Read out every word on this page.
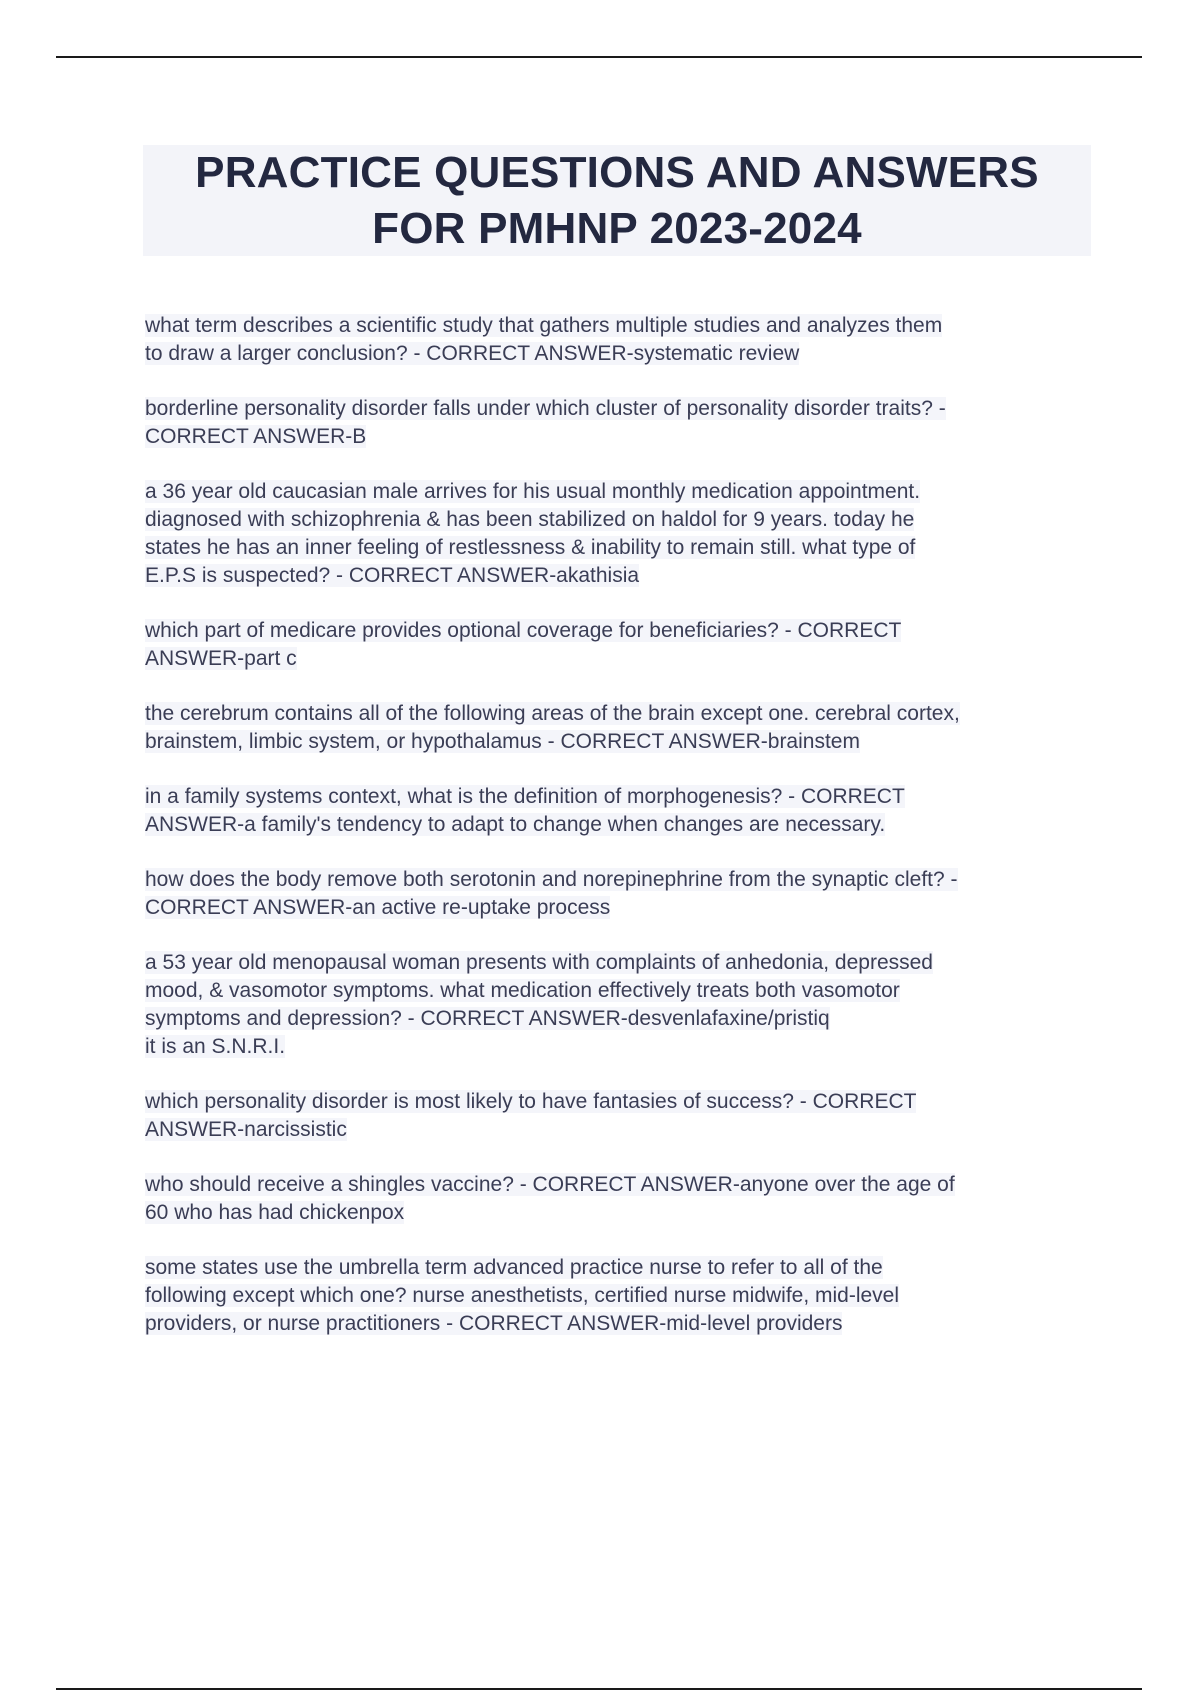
PRACTICE QUESTIONS AND ANSWERS
FOR PMHNP 2023-2024

what term describes a scientific study that gathers multiple studies and analyzes them
to draw a larger conclusion? - CORRECT ANSWER-systematic review

borderline personality disorder falls under which cluster of personality disorder traits? -
CORRECT ANSWER-B

a 36 year old caucasian male arrives for his usual monthly medication appointment.
diagnosed with schizophrenia & has been stabilized on haldol for 9 years. today he
states he has an inner feeling of restlessness & inability to remain still. what type of
E.P.S is suspected? - CORRECT ANSWER-akathisia

which part of medicare provides optional coverage for beneficiaries? - CORRECT
ANSWER-part c

the cerebrum contains all of the following areas of the brain except one. cerebral cortex,
brainstem, limbic system, or hypothalamus - CORRECT ANSWER-brainstem

in a family systems context, what is the definition of morphogenesis? - CORRECT
ANSWER-a family's tendency to adapt to change when changes are necessary.

how does the body remove both serotonin and norepinephrine from the synaptic cleft? -
CORRECT ANSWER-an active re-uptake process

a 53 year old menopausal woman presents with complaints of anhedonia, depressed
mood, & vasomotor symptoms. what medication effectively treats both vasomotor
symptoms and depression? - CORRECT ANSWER-desvenlafaxine/pristiq
it is an S.N.R.I.

which personality disorder is most likely to have fantasies of success? - CORRECT
ANSWER-narcissistic

who should receive a shingles vaccine? - CORRECT ANSWER-anyone over the age of
60 who has had chickenpox

some states use the umbrella term advanced practice nurse to refer to all of the
following except which one? nurse anesthetists, certified nurse midwife, mid-level
providers, or nurse practitioners - CORRECT ANSWER-mid-level providers
